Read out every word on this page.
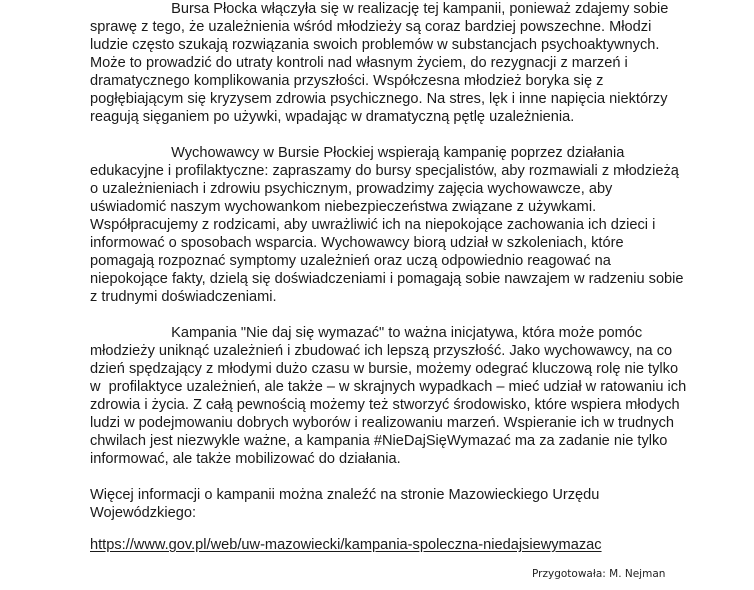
Bursa Płocka włączyła się w realizację tej kampanii, ponieważ zdajemy sobie
sprawę z tego, że uzależnienia wśród młodzieży są coraz bardziej powszechne. Młodzi
ludzie często szukają rozwiązania swoich problemów w substancjach psychoaktywnych.
Może to prowadzić do utraty kontroli nad własnym życiem, do rezygnacji z marzeń i
dramatycznego komplikowania przyszłości. Współczesna młodzież boryka się z
pogłębiającym się kryzysem zdrowia psychicznego. Na stres, lęk i inne napięcia niektórzy
reagują sięganiem po używki, wpadając w dramatyczną pętlę uzależnienia.
Wychowawcy w Bursie Płockiej wspierają kampanię poprzez działania
edukacyjne i profilaktyczne: zapraszamy do bursy specjalistów, aby rozmawiali z młodzieżą
o uzależnieniach i zdrowiu psychicznym, prowadzimy zajęcia wychowawcze, aby
uświadomić naszym wychowankom niebezpieczeństwa związane z używkami.
Współpracujemy z rodzicami, aby uwrażliwić ich na niepokojące zachowania ich dzieci i
informować o sposobach wsparcia. Wychowawcy biorą udział w szkoleniach, które
pomagają rozpoznać symptomy uzależnień oraz uczą odpowiednio reagować na
niepokojące fakty, dzielą się doświadczeniami i pomagają sobie nawzajem w radzeniu sobie
z trudnymi doświadczeniami.
Kampania "Nie daj się wymazać" to ważna inicjatywa, która może pomóc
młodzieży uniknąć uzależnień i zbudować ich lepszą przyszłość. Jako wychowawcy, na co
dzień spędzający z młodymi dużo czasu w bursie, możemy odegrać kluczową rolę nie tylko
w  profilaktyce uzależnień, ale także – w skrajnych wypadkach – mieć udział w ratowaniu ich
zdrowia i życia. Z całą pewnością możemy też stworzyć środowisko, które wspiera młodych
ludzi w podejmowaniu dobrych wyborów i realizowaniu marzeń. Wspieranie ich w trudnych
chwilach jest niezwykle ważne, a kampania #NieDajSięWymazać ma za zadanie nie tylko
informować, ale także mobilizować do działania.
Więcej informacji o kampanii można znaleźć na stronie Mazowieckiego Urzędu
Wojewódzkiego:
https://www.gov.pl/web/uw-mazowiecki/kampania-spoleczna-niedajsiewymazac
Przygotowała: M. Nejman
